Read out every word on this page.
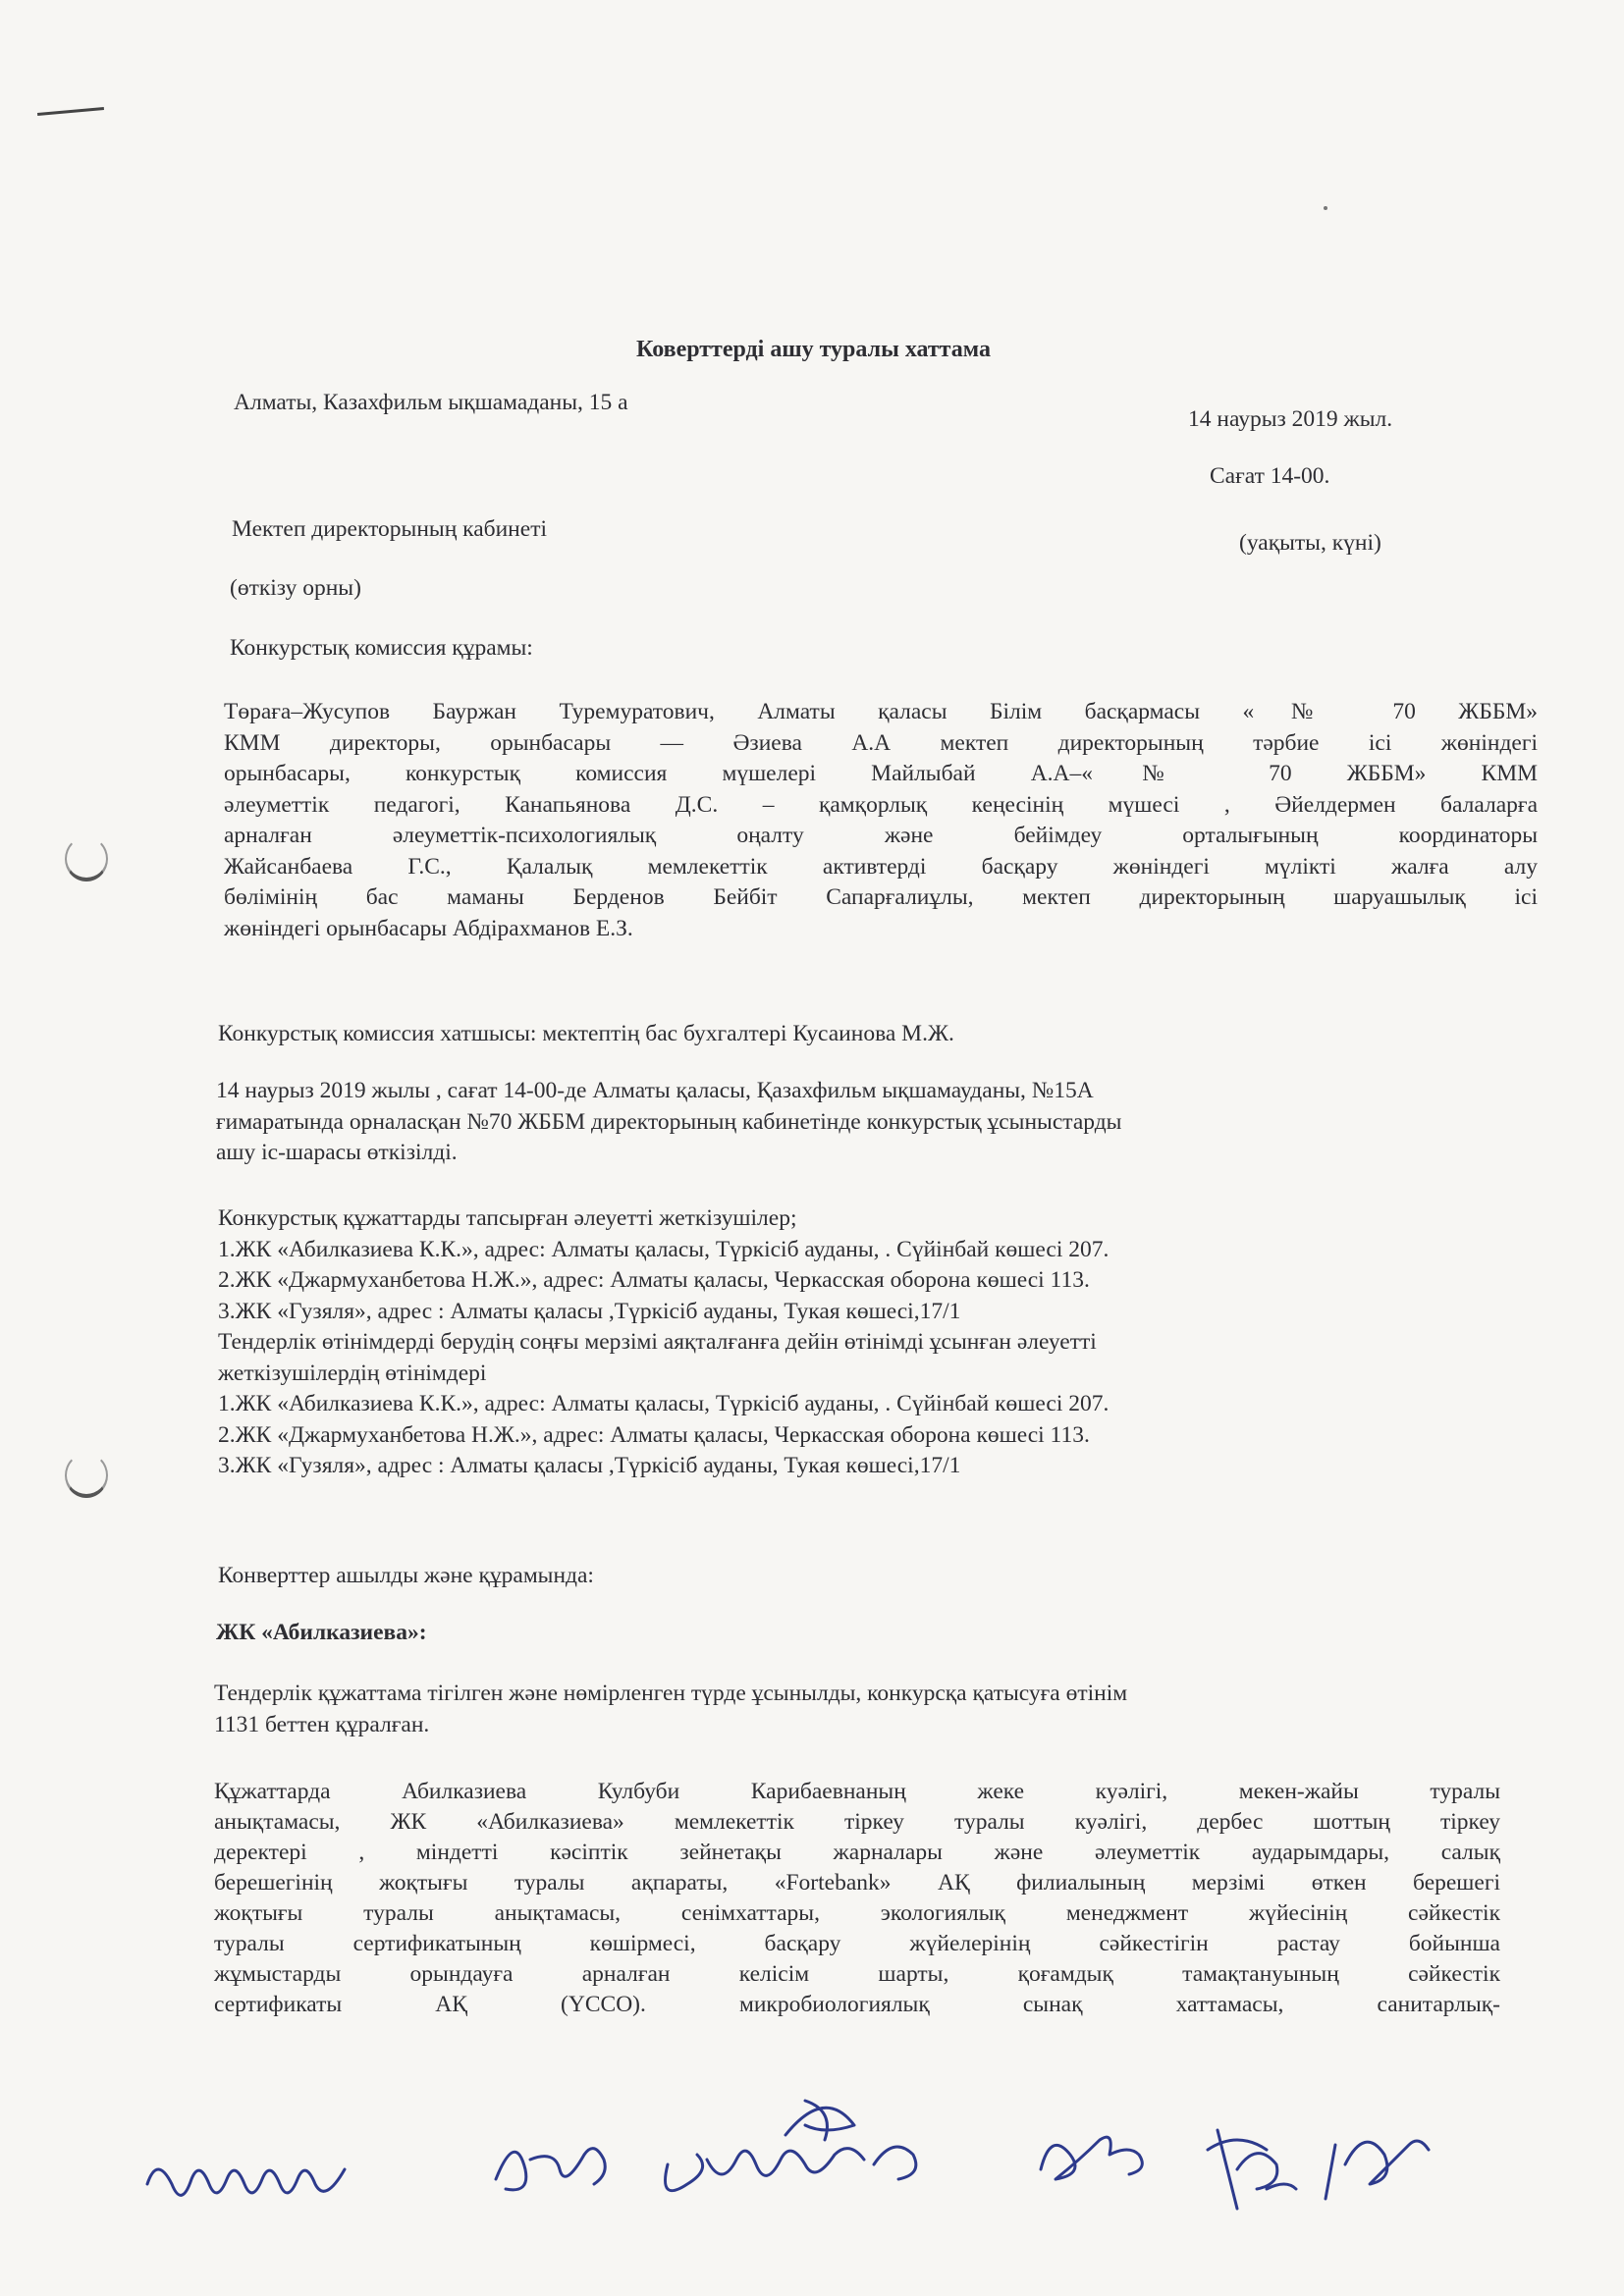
Коверттерді ашу туралы хаттама
Алматы, Казахфильм ықшамаданы, 15 а
14 наурыз 2019 жыл.
Сағат 14-00.
Мектеп директорының кабинеті
(уақыты, күні)
(өткізу орны)
Конкурстық комиссия құрамы:
Төраға–Жусупов Бауржан Туремуратович, Алматы қаласы Білім басқармасы «№ 70 ЖББМ»
КММ директоры, орынбасары — Әзиева А.А мектеп директорының тәрбие ісі жөніндегі
орынбасары, конкурстық комиссия мүшелері Майлыбай А.А–«№ 70 ЖББМ» КММ
әлеуметтік педагогі, Канапьянова Д.С. – қамқорлық кеңесінің мүшесі , Әйелдермен балаларға
арналған әлеуметтік-психологиялық оңалту және бейімдеу орталығының координаторы
Жайсанбаева Г.С., Қалалық мемлекеттік активтерді басқару жөніндегі мүлікті жалға алу
бөлімінің бас маманы Берденов Бейбіт Сапарғалиұлы, мектеп директорының шаруашылық ісі
жөніндегі орынбасары Абдірахманов Е.З.
Конкурстық комиссия хатшысы: мектептің бас бухгалтері Кусаинова М.Ж.
14 наурыз 2019 жылы , сағат 14-00-де Алматы қаласы, Қазахфильм ықшамауданы, №15А
ғимаратында орналасқан №70 ЖББМ директорының кабинетінде конкурстық ұсыныстарды
ашу іс-шарасы өткізілді.
Конкурстық құжаттарды тапсырған әлеуетті жеткізушілер;
1.ЖК «Абилказиева К.К.», адрес: Алматы қаласы, Түркісіб ауданы, . Сүйінбай көшесі 207.
2.ЖК «Джармуханбетова Н.Ж.», адрес: Алматы қаласы, Черкасская оборона көшесі 113.
3.ЖК «Гузяля», адрес : Алматы қаласы ,Түркісіб ауданы, Тукая көшесі,17/1
Тендерлік өтінімдерді берудің соңғы мерзімі аяқталғанға дейін өтінімді ұсынған әлеуетті
жеткізушілердің өтінімдері
1.ЖК «Абилказиева К.К.», адрес: Алматы қаласы, Түркісіб ауданы, . Сүйінбай көшесі 207.
2.ЖК «Джармуханбетова Н.Ж.», адрес: Алматы қаласы, Черкасская оборона көшесі 113.
3.ЖК «Гузяля», адрес : Алматы қаласы ,Түркісіб ауданы, Тукая көшесі,17/1
Конверттер ашылды және құрамында:
ЖК «Абилказиева»:
Тендерлік құжаттама тігілген және нөмірленген түрде ұсынылды, конкурсқа қатысуға өтінім
1131 беттен құралған.
Құжаттарда Абилказиева Кулбуби Карибаевнаның жеке куәлігі, мекен-жайы туралы
анықтамасы, ЖК «Абилказиева» мемлекеттік тіркеу туралы куәлігі, дербес шоттың тіркеу
деректері , міндетті кәсіптік зейнетақы жарналары және әлеуметтік аударымдары, салық
берешегінің жоқтығы туралы ақпараты, «Fortebank» АҚ филиалының мерзімі өткен берешегі
жоқтығы туралы анықтамасы, сенімхаттары, экологиялық менеджмент жүйесінің сәйкестік
туралы сертификатының көшірмесі, басқару жүйелерінің сәйкестігін растау бойынша
жұмыстарды орындауға арналған келісім шарты, қоғамдық тамақтануының сәйкестік
сертификаты АҚ (YCCO). микробиологиялық сынақ хаттамасы, санитарлық-
